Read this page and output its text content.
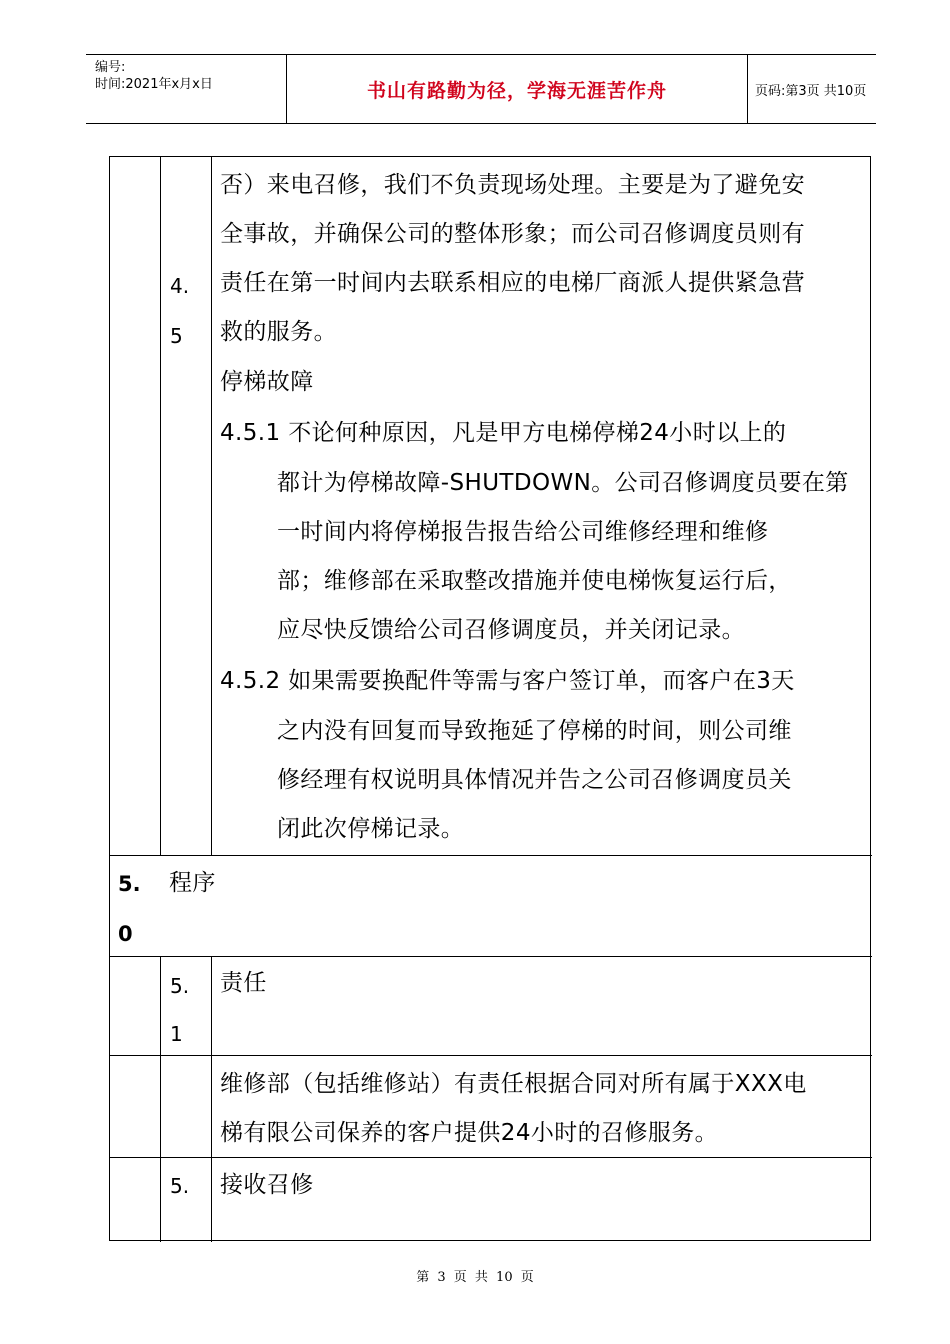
编号:
时间:2021年x月x日	书山有路勤为径，学海无涯苦作舟	页码:第3页 共10页
4.
5
否）来电召修，我们不负责现场处理。主要是为了避免安
全事故，并确保公司的整体形象；而公司召修调度员则有
责任在第一时间内去联系相应的电梯厂商派人提供紧急营
救的服务。
停梯故障
4.5.1 不论何种原因，凡是甲方电梯停梯24小时以上的
都计为停梯故障-SHUTDOWN。公司召修调度员要在第
一时间内将停梯报告报告给公司维修经理和维修
部；维修部在采取整改措施并使电梯恢复运行后，
应尽快反馈给公司召修调度员，并关闭记录。
4.5.2 如果需要换配件等需与客户签订单，而客户在3天
之内没有回复而导致拖延了停梯的时间，则公司维
修经理有权说明具体情况并告之公司召修调度员关
闭此次停梯记录。
5.
0
程序
5.
1
责任
维修部（包括维修站）有责任根据合同对所有属于XXX电
梯有限公司保养的客户提供24小时的召修服务。
5. 接收召修
第 3 页 共 10 页
